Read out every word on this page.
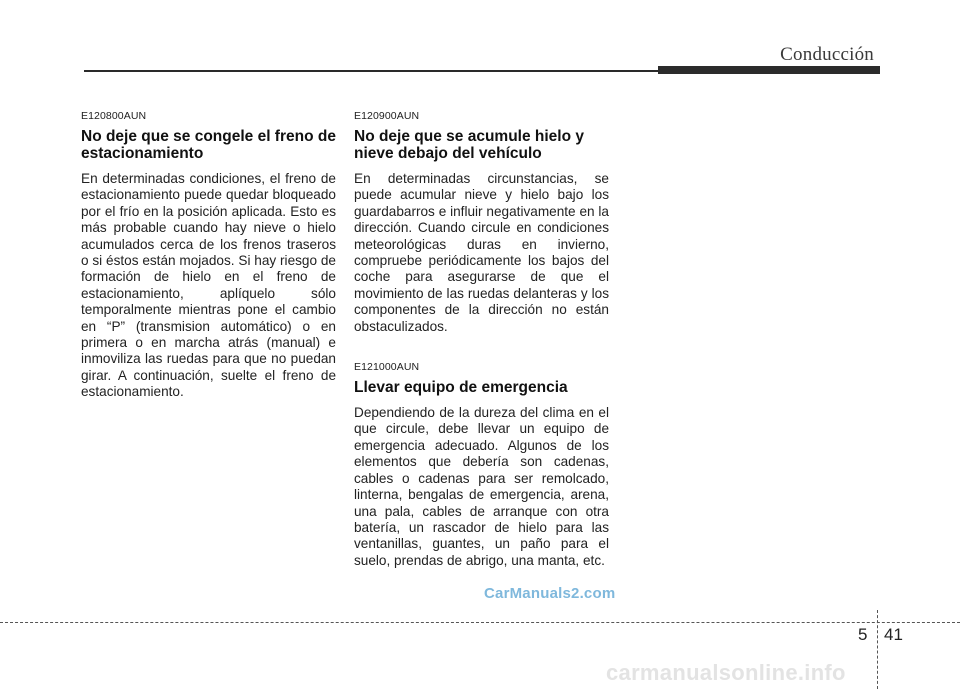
Conducción

E120800AUN

No deje que se congele el freno de estacionamiento

En determinadas condiciones, el freno de estacionamiento puede quedar bloqueado por el frío en la posición aplicada. Esto es más probable cuando hay nieve o hielo acumulados cerca de los frenos traseros o si éstos están mojados. Si hay riesgo de formación de hielo en el freno de estacionamiento, aplíquelo sólo temporalmente mientras pone el cambio en “P” (transmision automático) o en primera o en marcha atrás (manual) e inmoviliza las ruedas para que no puedan girar. A continuación, suelte el freno de estacionamiento.

E120900AUN

No deje que se acumule hielo y nieve debajo del vehículo

En determinadas circunstancias, se puede acumular nieve y hielo bajo los guardabarros e influir negativamente en la dirección. Cuando circule en condiciones meteorológicas duras en invierno, compruebe periódicamente los bajos del coche para asegurarse de que el movimiento de las ruedas delanteras y los componentes de la dirección no están obstaculizados.

E121000AUN

Llevar equipo de emergencia

Dependiendo de la dureza del clima en el que circule, debe llevar un equipo de emergencia adecuado. Algunos de los elementos que debería son cadenas, cables o cadenas para ser remolcado, linterna, bengalas de emergencia, arena, una pala, cables de arranque con otra batería, un rascador de hielo para las ventanillas, guantes, un paño para el suelo, prendas de abrigo, una manta, etc.

CarManuals2.com
5 41
carmanualsonline.info
